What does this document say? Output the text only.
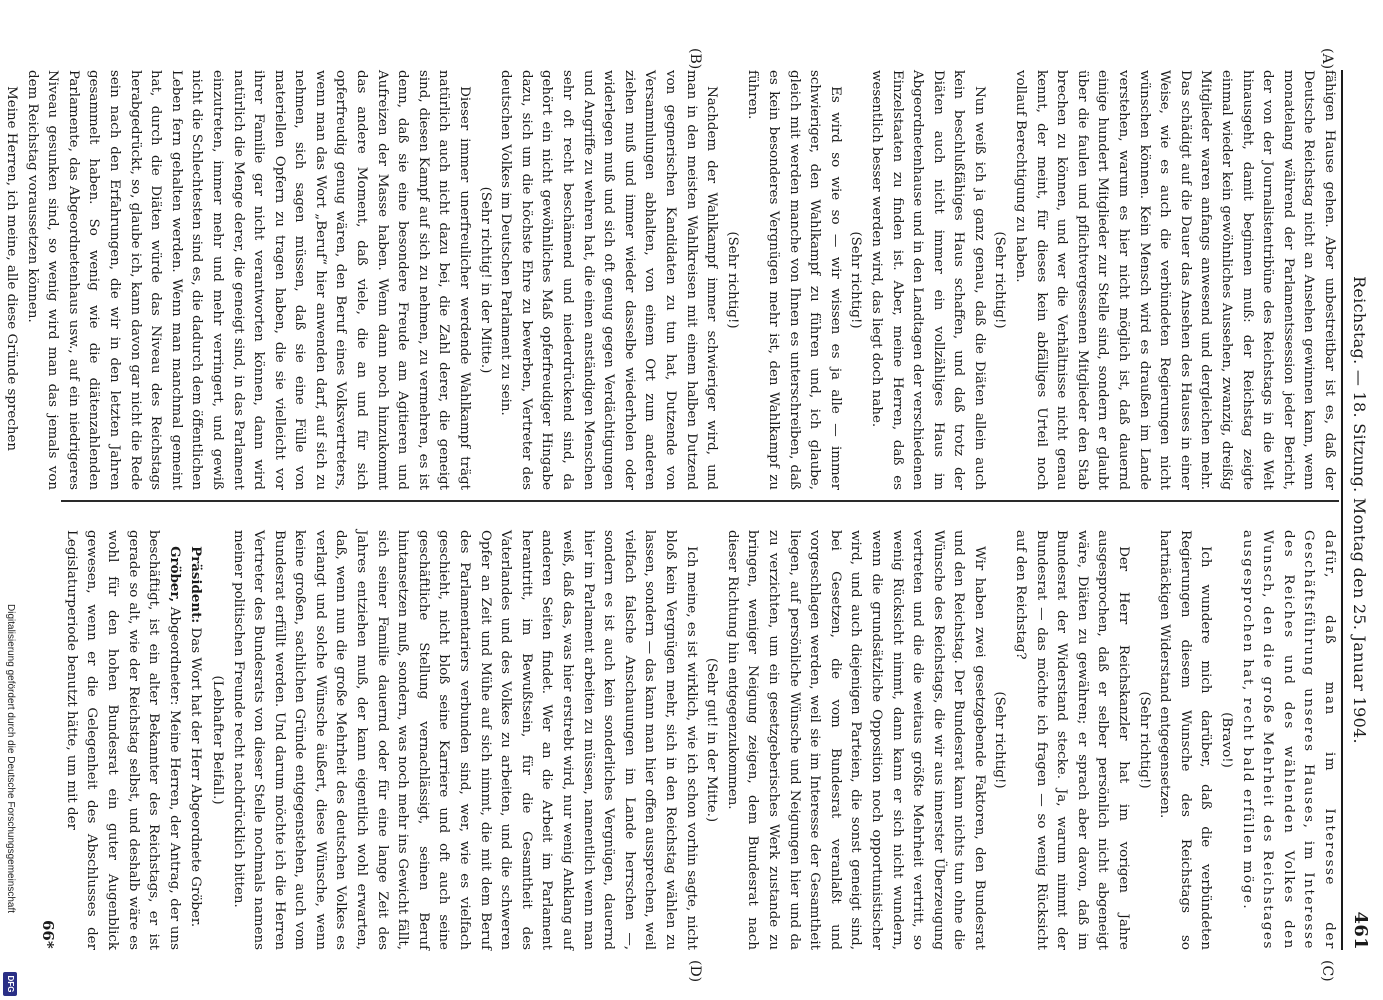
Reichstag. — 18. Sitzung. Montag den 25. Januar 1904.
461
(A)
(B)
(C)
(D)

fähigen Hause gehen. Aber unbestreitbar ist es, daß der Deutsche Reichstag nicht an Ansehen gewinnen kann, wenn monatelang während der Parlamentssession jeder Bericht, der von der Journalistentribüne des Reichstags in die Welt hinausgeht, damit beginnen muß: der Reichstag zeigte einmal wieder kein gewöhnliches Aussehen, zwanzig, dreißig Mitglieder waren anfangs anwesend und dergleichen mehr. Das schädigt auf die Dauer das Ansehen des Hauses in einer Weise, wie es auch die verbündeten Regierungen nicht wünschen können. Kein Mensch wird es draußen im Lande verstehen, warum es hier nicht möglich ist, daß dauernd einige hundert Mitglieder zur Stelle sind, sondern er glaubt über die faulen und pflichtvergessenen Mitglieder den Stab brechen zu können, und wer die Verhältnisse nicht genau kennt, der meint, für dieses kein abfälliges Urteil noch vollauf Berechtigung zu haben.

(Sehr richtig!)

Nun weiß ich ja ganz genau, daß die Diäten allein auch kein beschlußfähiges Haus schaffen, und daß trotz der Diäten auch nicht immer ein vollzähliges Haus im Abgeordnetenhause und in den Landtagen der verschiedenen Einzelstaaten zu finden ist. Aber, meine Herren, daß es wesentlich besser werden wird, das liegt doch nahe.

(Sehr richtig!)

Es wird so wie so — wir wissen es ja alle — immer schwieriger, den Wahlkampf zu führen und, ich glaube, gleich mit werden manche von Ihnen es unterschreiben, daß es kein besonderes Vergnügen mehr ist, den Wahlkampf zu führen.

(Sehr richtig!)

Nachdem der Wahlkampf immer schwieriger wird, und man in den meisten Wahlkreisen mit einem halben Dutzend von gegnerischen Kandidaten zu tun hat, Dutzende von Versammlungen abhalten, von einem Ort zum anderen ziehen muß und immer wieder dasselbe wiederholen oder widerlegen muß und sich oft genug gegen Verdächtigungen und Angriffe zu wehren hat, die einen anständigen Menschen sehr oft recht beschämend und niederdrückend sind, da gehört ein nicht gewöhnliches Maß opferfreudiger Hingabe dazu, sich um die höchste Ehre zu bewerben, Vertreter des deutschen Volkes im Deutschen Parlament zu sein.

(Sehr richtig! in der Mitte.)

Dieser immer unerfreulicher werdende Wahlkampf trägt natürlich auch nicht dazu bei, die Zahl derer, die geneigt sind, diesen Kampf auf sich zu nehmen, zu vermehren, es ist denn, daß sie eine besondere Freude am Agitieren und Aufreizen der Masse haben. Wenn dann noch hinzukommt das andere Moment, daß viele, die an und für sich opferfreudig genug wären, den Beruf eines Volksvertreters, wenn man das Wort „Beruf“ hier anwenden darf, auf sich zu nehmen, sich sagen müssen, daß sie eine Fülle von materiellen Opfern zu tragen haben, die sie vielleicht vor ihrer Familie gar nicht verantworten können, dann wird natürlich die Menge derer, die geneigt sind, in das Parlament einzutreten, immer mehr und mehr verringert, und gewiß nicht die Schlechtesten sind es, die dadurch dem öffentlichen Leben fern gehalten werden. Wenn man manchmal gemeint hat, durch die Diäten würde das Niveau des Reichstags herabgedrückt, so, glaube ich, kann davon gar nicht die Rede sein nach den Erfahrungen, die wir in den letzten Jahren gesammelt haben. So wenig wie die diätenzahlenden Parlamente, das Abgeordnetenhaus usw., auf ein niedrigeres Niveau gesunken sind, so wenig wird man das jemals von dem Reichstag voraussetzen können.

Meine Herren, ich meine, alle diese Gründe sprechen

dafür, daß man im Interesse der Geschäftsführung unseres Hauses, im Interesse des Reiches und des wählenden Volkes den Wunsch, den die große Mehrheit des Reichstages ausgesprochen hat, recht bald erfüllen möge.

(Bravo!)

Ich wundere mich darüber, daß die verbündeten Regierungen diesem Wunsche des Reichstags so hartnäckigen Widerstand entgegensetzen.

(Sehr richtig!)

Der Herr Reichskanzler hat im vorigen Jahre ausgesprochen, daß er selber persönlich nicht abgeneigt wäre, Diäten zu gewähren; er sprach aber davon, daß im Bundesrat der Widerstand stecke. Ja, warum nimmt der Bundesrat — das möchte ich fragen — so wenig Rücksicht auf den Reichstag?

(Sehr richtig!)

Wir haben zwei gesetzgebende Faktoren, den Bundesrat und den Reichstag. Der Bundesrat kann nichts tun ohne die Wünsche des Reichstags, die wir aus innerster Überzeugung vertreten und die die weitaus größte Mehrheit vertritt, so wenig Rücksicht nimmt, dann kann er sich nicht wundern, wenn die grundsätzliche Opposition noch opportunistischer wird, und auch diejenigen Parteien, die sonst geneigt sind, bei Gesetzen, die vom Bundesrat veranlaßt und vorgeschlagen werden, weil sie im Interesse der Gesamtheit liegen, auf persönliche Wünsche und Neigungen hier und da zu verzichten, um ein gesetzgeberisches Werk zustande zu bringen, weniger Neigung zeigen, dem Bundesrat nach dieser Richtung hin entgegenzukommen.

(Sehr gut! in der Mitte.)

Ich meine, es ist wirklich, wie ich schon vorhin sagte, nicht bloß kein Vergnügen mehr, sich in den Reichstag wählen zu lassen, sondern — das kann man hier offen aussprechen, weil vielfach falsche Anschauungen im Lande herrschen —, sondern es ist auch kein sonderliches Vergnügen, dauernd hier im Parlament arbeiten zu müssen, namentlich wenn man weiß, daß das, was hier erstrebt wird, nur wenig Anklang auf anderen Seiten findet. Wer an die Arbeit im Parlament herantritt, im Bewußtsein, für die Gesamtheit des Vaterlandes und des Volkes zu arbeiten, und die schweren Opfer an Zeit und Mühe auf sich nimmt, die mit dem Beruf des Parlamentariers verbunden sind, wer, wie es vielfach geschieht, nicht bloß seine Karriere und oft auch seine geschäftliche Stellung vernachlässigt, seinen Beruf hintansetzen muß, sondern, was noch mehr ins Gewicht fällt, sich seiner Familie dauernd oder für eine lange Zeit des Jahres entziehen muß, der kann eigentlich wohl erwarten, daß, wenn nun die große Mehrheit des deutschen Volkes es verlangt und solche Wünsche äußert, diese Wünsche, wenn keine großen, sachlichen Gründe entgegenstehen, auch vom Bundesrat erfüllt werden. Und darum möchte ich die Herren Vertreter des Bundesrats von dieser Stelle nochmals namens meiner politischen Freunde recht nachdrücklich bitten.

(Lebhafter Beifall.)

Präsident: Das Wort hat der Herr Abgeordnete Gröber.

Gröber, Abgeordneter: Meine Herren, der Antrag, der uns beschäftigt, ist ein alter Bekannter des Reichstags, er ist gerade so alt, wie der Reichstag selbst, und deshalb wäre es wohl für den hohen Bundesrat ein guter Augenblick gewesen, wenn er die Gelegenheit des Abschlusses der Legislaturperiode benutzt hätte, um mit der

66*
Digitalisierung gefördert durch die Deutsche Forschungsgemeinschaft
DFG
